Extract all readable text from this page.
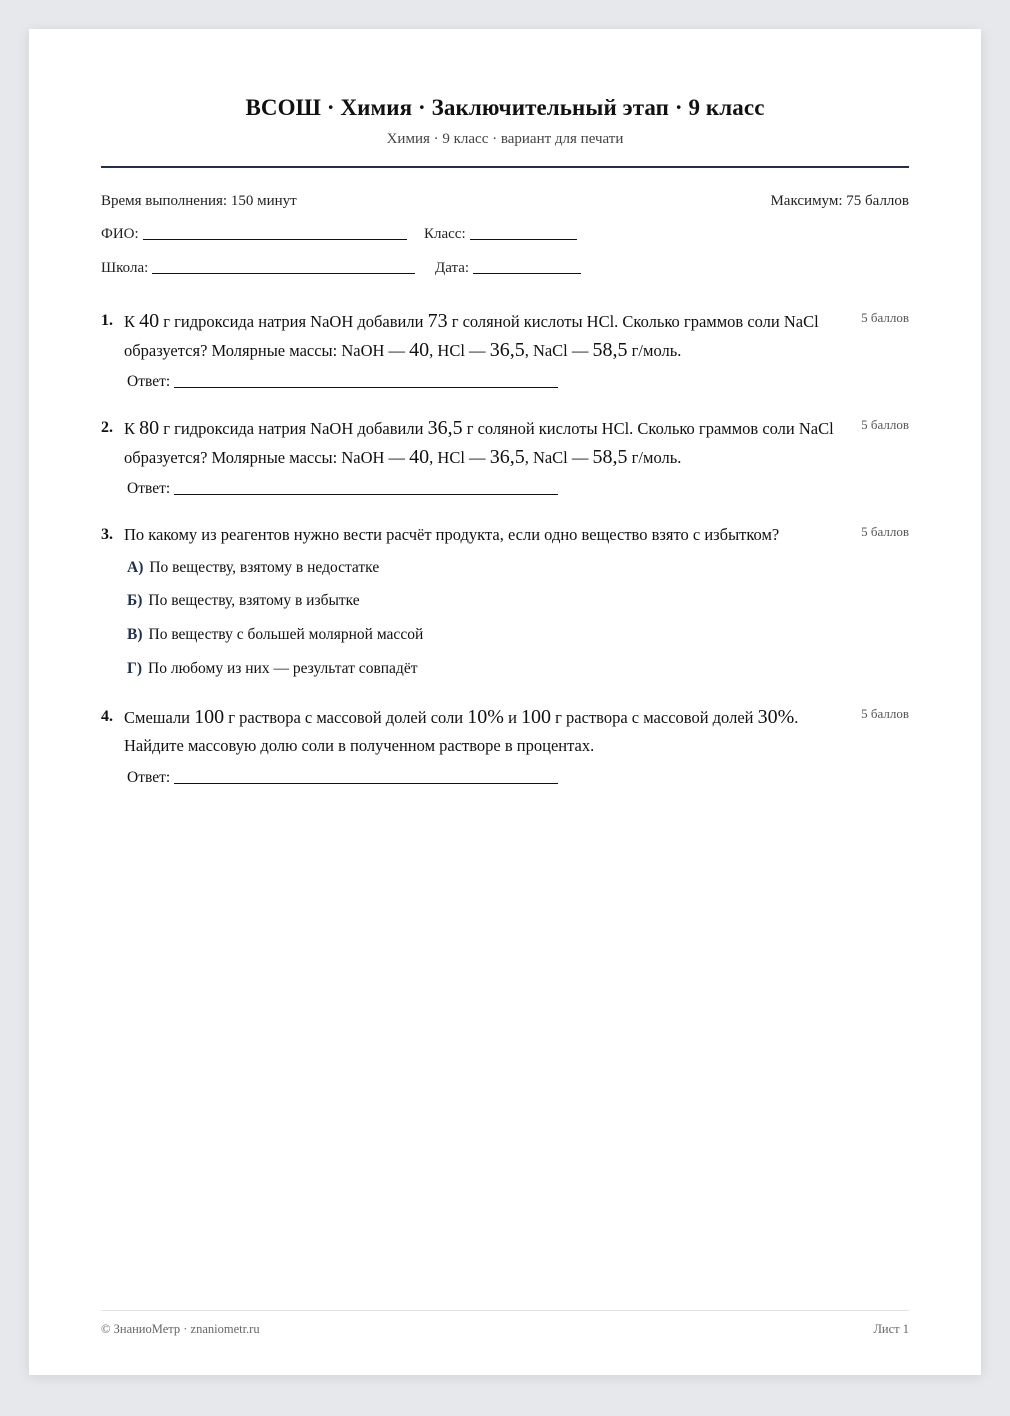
ВСОШ · Химия · Заключительный этап · 9 класс
Химия · 9 класс · вариант для печати
Время выполнения: 150 минут	Максимум: 75 баллов
ФИО:	Класс:
Школа:	Дата:
1. К 40 г гидроксида натрия NaOH добавили 73 г соляной кислоты HCl. Сколько граммов соли NaCl образуется? Молярные массы: NaOH — 40, HCl — 36,5, NaCl — 58,5 г/моль.
5 баллов
Ответ:
2. К 80 г гидроксида натрия NaOH добавили 36,5 г соляной кислоты HCl. Сколько граммов соли NaCl образуется? Молярные массы: NaOH — 40, HCl — 36,5, NaCl — 58,5 г/моль.
5 баллов
Ответ:
3. По какому из реагентов нужно вести расчёт продукта, если одно вещество взято с избытком?	5 баллов
А) По веществу, взятому в недостатке
Б) По веществу, взятому в избытке
В) По веществу с большей молярной массой
Г) По любому из них — результат совпадёт
4. Смешали 100 г раствора с массовой долей соли 10% и 100 г раствора с массовой долей 30%. Найдите массовую долю соли в полученном растворе в процентах.
5 баллов
Ответ:
© ЗнаниоМетр · znaniometr.ru	Лист 1
